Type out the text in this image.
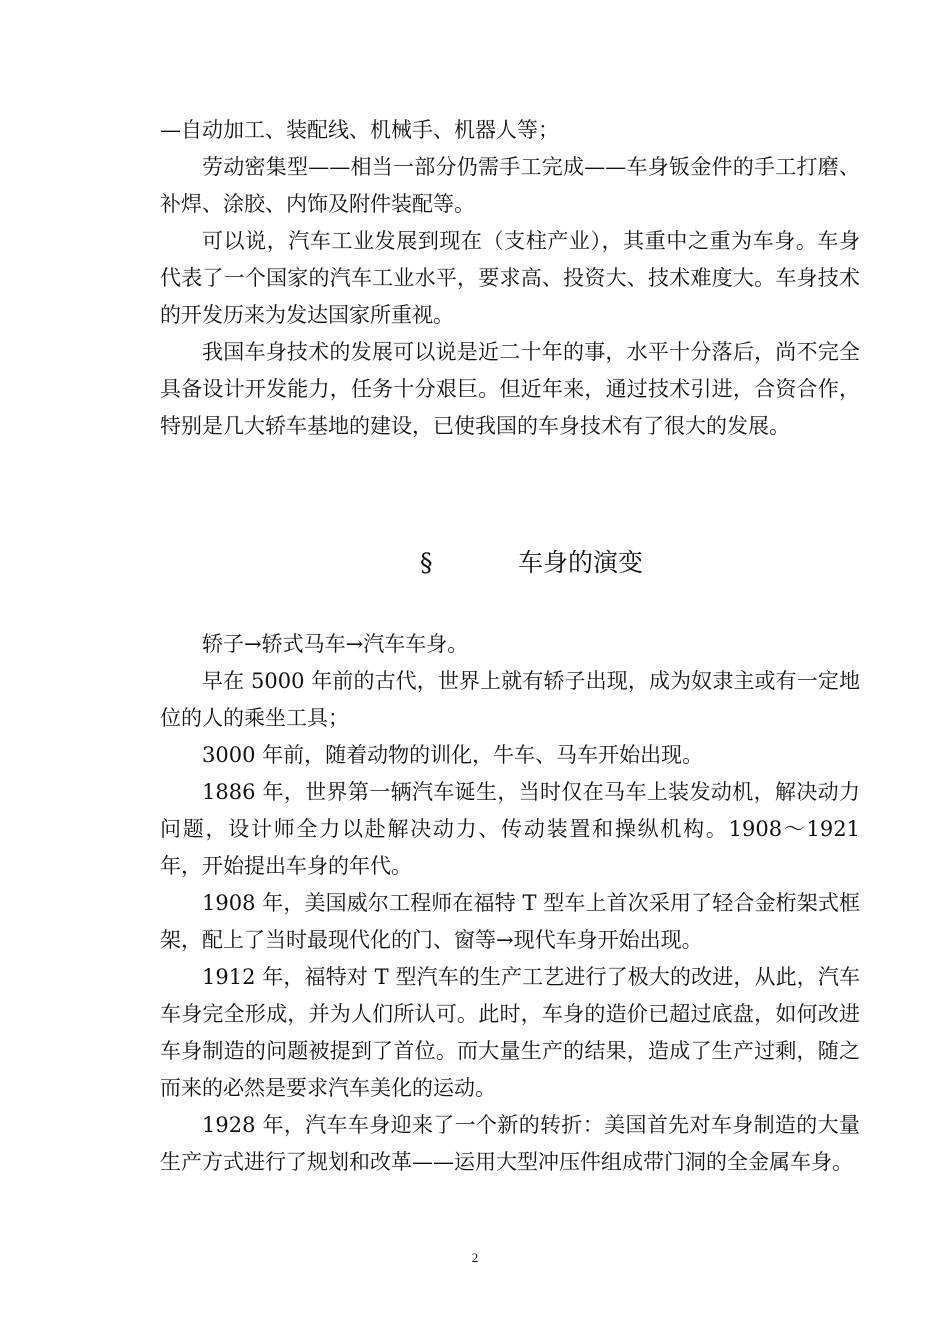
—自动加工、装配线、机械手、机器人等；

劳动密集型——相当一部分仍需手工完成——车身钣金件的手工打磨、补焊、涂胶、内饰及附件装配等。

可以说，汽车工业发展到现在（支柱产业），其重中之重为车身。车身代表了一个国家的汽车工业水平，要求高、投资大、技术难度大。车身技术的开发历来为发达国家所重视。

我国车身技术的发展可以说是近二十年的事，水平十分落后，尚不完全具备设计开发能力，任务十分艰巨。但近年来，通过技术引进，合资合作，特别是几大轿车基地的建设，已使我国的车身技术有了很大的发展。

§	车身的演变

轿子→轿式马车→汽车车身。

早在 5000 年前的古代，世界上就有轿子出现，成为奴隶主或有一定地位的人的乘坐工具；

3000 年前，随着动物的训化，牛车、马车开始出现。

1886 年，世界第一辆汽车诞生，当时仅在马车上装发动机，解决动力问题，设计师全力以赴解决动力、传动装置和操纵机构。1908～1921 年，开始提出车身的年代。

1908 年，美国威尔工程师在福特 T 型车上首次采用了轻合金桁架式框架，配上了当时最现代化的门、窗等→现代车身开始出现。

1912 年，福特对 T 型汽车的生产工艺进行了极大的改进，从此，汽车车身完全形成，并为人们所认可。此时，车身的造价已超过底盘，如何改进车身制造的问题被提到了首位。而大量生产的结果，造成了生产过剩，随之而来的必然是要求汽车美化的运动。

1928 年，汽车车身迎来了一个新的转折：美国首先对车身制造的大量生产方式进行了规划和改革——运用大型冲压件组成带门洞的全金属车身。

2
